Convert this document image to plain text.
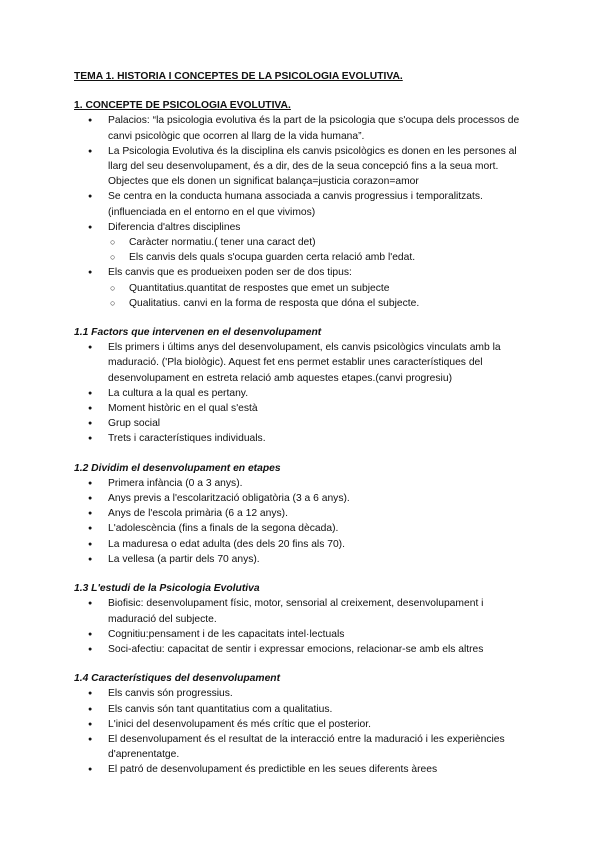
TEMA 1. HISTORIA I CONCEPTES DE LA PSICOLOGIA EVOLUTIVA.

1. CONCEPTE DE PSICOLOGIA EVOLUTIVA.

● Palacios: “la psicologia evolutiva és la part de la psicologia que s'ocupa dels processos de canvi psicològic que ocorren al llarg de la vida humana”.
● La Psicologia Evolutiva és la disciplina els canvis psicològics es donen en les persones al llarg del seu desenvolupament, és a dir, des de la seua concepció fins a la seua mort. Objectes que els donen un significat balança=justicia corazon=amor
● Se centra en la conducta humana associada a canvis progressius i temporalitzats.(influenciada en el entorno en el que vivimos)
● Diferencia d'altres disciplines
○ Caràcter normatiu.( tener una caract det)
○ Els canvis dels quals s'ocupa guarden certa relació amb l'edat.
● Els canvis que es produeixen poden ser de dos tipus:
○ Quantitatius.quantitat de respostes que emet un subjecte
○ Qualitatius. canvi en la forma de resposta que dóna el subjecte.

1.1 Factors que intervenen en el desenvolupament

● Els primers i últims anys del desenvolupament, els canvis psicològics vinculats amb la maduració. ('Pla biològic). Aquest fet ens permet establir unes característiques del desenvolupament en estreta relació amb aquestes etapes.(canvi progresiu)
● La cultura a la qual es pertany.
● Moment històric en el qual s'està
● Grup social
● Trets i característiques individuals.

1.2 Dividim el desenvolupament en etapes

● Primera infància (0 a 3 anys).
● Anys previs a l'escolarització obligatòria (3 a 6 anys).
● Anys de l'escola primària (6 a 12 anys).
● L'adolescència (fins a finals de la segona dècada).
● La maduresa o edat adulta (des dels 20 fins als 70).
● La vellesa (a partir dels 70 anys).

1.3 L'estudi de la Psicologia Evolutiva

● Biofisic: desenvolupament físic, motor, sensorial al creixement, desenvolupament i maduració del subjecte.
● Cognitiu:pensament i de les capacitats intel·lectuals
● Soci-afectiu: capacitat de sentir i expressar emocions, relacionar-se amb els altres

1.4 Característiques del desenvolupament

● Els canvis són progressius.
● Els canvis són tant quantitatius com a qualitatius.
● L'inici del desenvolupament és més crític que el posterior.
● El desenvolupament és el resultat de la interacció entre la maduració i les experiències d'aprenentatge.
● El patró de desenvolupament és predictible en les seues diferents àrees
